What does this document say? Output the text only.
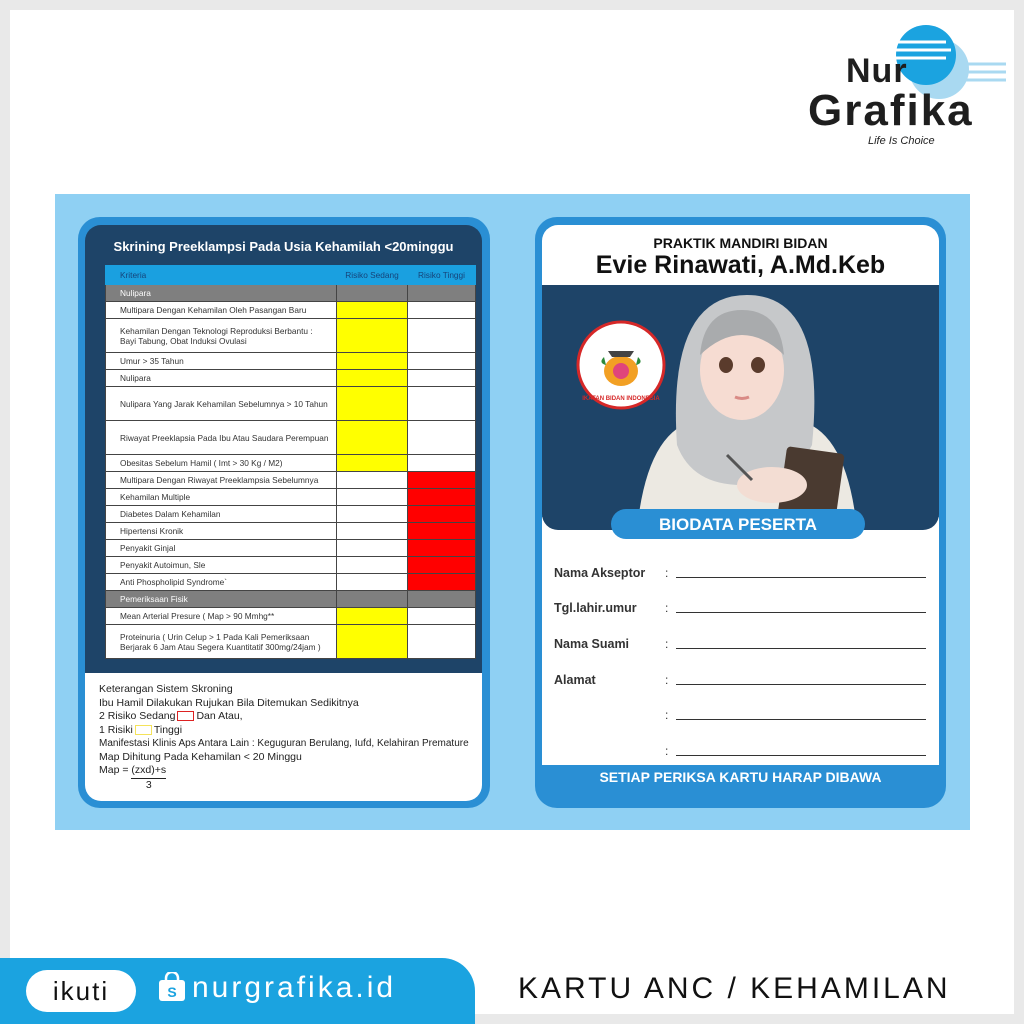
Nur
Grafika
Life Is Choice
Skrining Preeklampsi Pada Usia Kehamilah <20minggu
Kriteria	Risiko Sedang	Risiko Tinggi
Nulipara		
Multipara Dengan Kehamilan Oleh Pasangan Baru		
Kehamilan Dengan Teknologi Reproduksi Berbantu : Bayi Tabung, Obat Induksi Ovulasi		
Umur > 35 Tahun		
Nulipara		
Nulipara Yang Jarak Kehamilan Sebelumnya > 10 Tahun		
Riwayat Preeklapsia Pada Ibu Atau Saudara Perempuan		
Obesitas Sebelum Hamil ( Imt > 30 Kg / M2)		
Multipara Dengan Riwayat Preeklampsia Sebelumnya		
Kehamilan Multiple		
Diabetes Dalam Kehamilan		
Hipertensi Kronik		
Penyakit Ginjal		
Penyakit Autoimun, Sle		
Anti Phospholipid Syndrome`		
Pemeriksaan Fisik		
Mean Arterial Presure ( Map > 90 Mmhg**		
Proteinuria ( Urin Celup > 1 Pada Kali Pemeriksaan Berjarak 6 Jam Atau Segera Kuantitatif 300mg/24jam )		
Keterangan Sistem Skroning
Ibu Hamil Dilakukan Rujukan Bila Ditemukan Sedikitnya
2 Risiko Sedang Dan Atau,
1 Risiki Tinggi
Manifestasi Klinis Aps Antara Lain : Keguguran Berulang, Iufd, Kelahiran Premature
Map Dihitung Pada Kehamilan < 20 Minggu
Map = (zxd)+s
3
PRAKTIK MANDIRI BIDAN
Evie Rinawati, A.Md.Keb
IKATAN BIDAN INDONESIA
BIODATA PESERTA
Nama Akseptor :
Tgl.lahir.umur :
Nama Suami	:
Alamat	:
:
:
SETIAP PERIKSA KARTU HARAP DIBAWA
ikuti	S nurgrafika.id	KARTU ANC / KEHAMILAN
